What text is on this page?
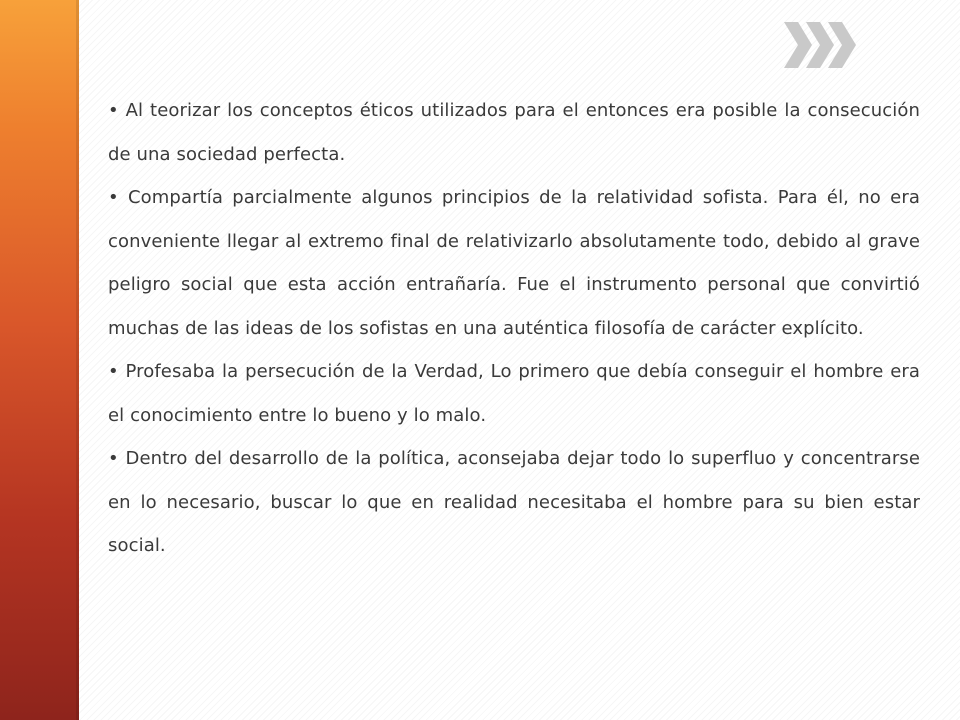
• Al teorizar los conceptos éticos utilizados para el entonces era posible la consecución de una sociedad perfecta.

• Compartía parcialmente algunos principios de la relatividad sofista. Para él, no era conveniente llegar al extremo final de relativizarlo absolutamente todo, debido al grave peligro social que esta acción entrañaría. Fue el instrumento personal que convirtió muchas de las ideas de los sofistas en una auténtica filosofía de carácter explícito.

• Profesaba la persecución de la Verdad, Lo primero que debía conseguir el hombre era el conocimiento entre lo bueno y lo malo.

• Dentro del desarrollo de la política, aconsejaba dejar todo lo superfluo y concentrarse en lo necesario, buscar lo que en realidad necesitaba el hombre para su bien estar social.
